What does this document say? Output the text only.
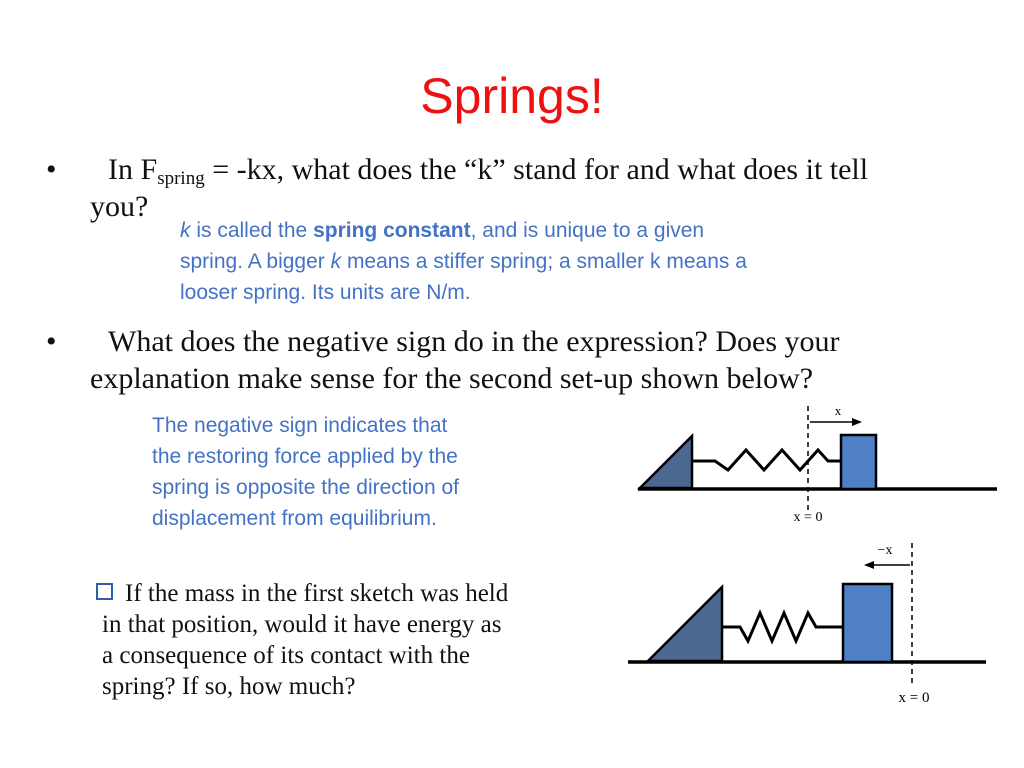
Springs!
• In $F_{spring} = -kx$, what does the “k” stand for and what does it tell
you?
k is called the spring constant, and is unique to a given
spring. A bigger k means a stiffer spring; a smaller k means a
looser spring. Its units are N/m.
• What does the negative sign do in the expression? Does your
explanation make sense for the second set-up shown below?
The negative sign indicates that
the restoring force applied by the
spring is opposite the direction of
displacement from equilibrium.
If the mass in the first sketch was held
in that position, would it have energy as
a consequence of its contact with the
spring? If so, how much?
x
x = 0
−x
x = 0
